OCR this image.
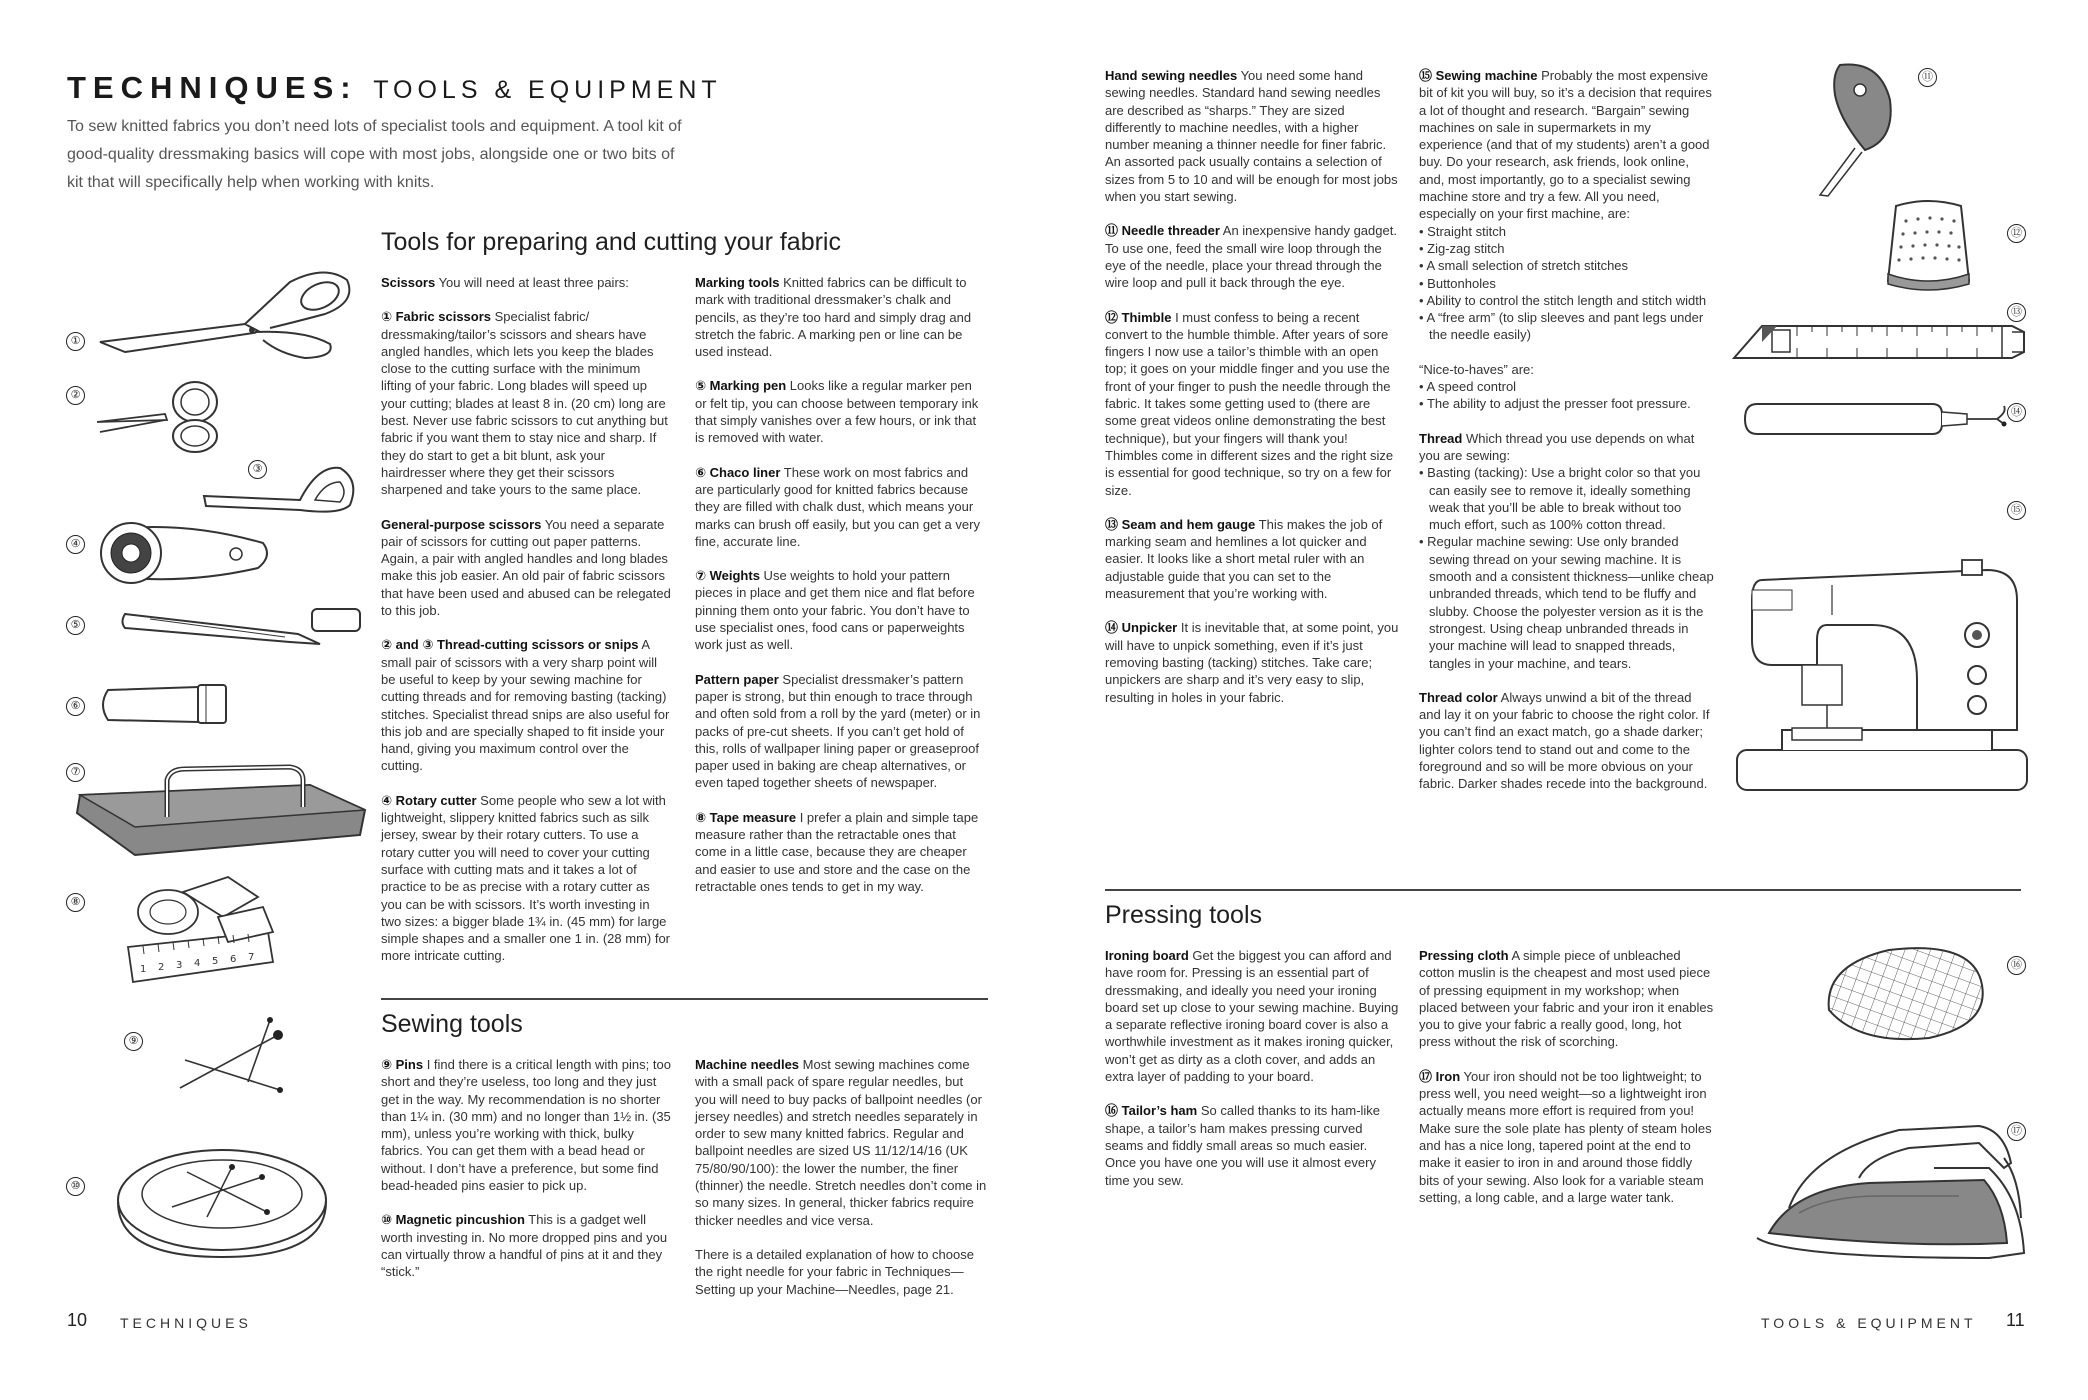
TECHNIQUES: TOOLS & EQUIPMENT

To sew knitted fabrics you don’t need lots of specialist tools and equipment. A tool kit of good-quality dressmaking basics will cope with most jobs, alongside one or two bits of kit that will specifically help when working with knits.

Tools for preparing and cutting your fabric

Scissors You will need at least three pairs:

① Fabric scissors Specialist fabric/ dressmaking/tailor’s scissors and shears have angled handles, which lets you keep the blades close to the cutting surface with the minimum lifting of your fabric. Long blades will speed up your cutting; blades at least 8 in. (20 cm) long are best. Never use fabric scissors to cut anything but fabric if you want them to stay nice and sharp. If they do start to get a bit blunt, ask your hairdresser where they get their scissors sharpened and take yours to the same place.

General-purpose scissors You need a separate pair of scissors for cutting out paper patterns. Again, a pair with angled handles and long blades make this job easier. An old pair of fabric scissors that have been used and abused can be relegated to this job.

② and ③ Thread-cutting scissors or snips A small pair of scissors with a very sharp point will be useful to keep by your sewing machine for cutting threads and for removing basting (tacking) stitches. Specialist thread snips are also useful for this job and are specially shaped to fit inside your hand, giving you maximum control over the cutting.

④ Rotary cutter Some people who sew a lot with lightweight, slippery knitted fabrics such as silk jersey, swear by their rotary cutters. To use a rotary cutter you will need to cover your cutting surface with cutting mats and it takes a lot of practice to be as precise with a rotary cutter as you can be with scissors. It’s worth investing in two sizes: a bigger blade 1¾ in. (45 mm) for large simple shapes and a smaller one 1 in. (28 mm) for more intricate cutting.

Marking tools Knitted fabrics can be difficult to mark with traditional dressmaker’s chalk and pencils, as they’re too hard and simply drag and stretch the fabric. A marking pen or line can be used instead.

⑤ Marking pen Looks like a regular marker pen or felt tip, you can choose between temporary ink that simply vanishes over a few hours, or ink that is removed with water.

⑥ Chaco liner These work on most fabrics and are particularly good for knitted fabrics because they are filled with chalk dust, which means your marks can brush off easily, but you can get a very fine, accurate line.

⑦ Weights Use weights to hold your pattern pieces in place and get them nice and flat before pinning them onto your fabric. You don’t have to use specialist ones, food cans or paperweights work just as well.

Pattern paper Specialist dressmaker’s pattern paper is strong, but thin enough to trace through and often sold from a roll by the yard (meter) or in packs of pre-cut sheets. If you can’t get hold of this, rolls of wallpaper lining paper or greaseproof paper used in baking are cheap alternatives, or even taped together sheets of newspaper.

⑧ Tape measure I prefer a plain and simple tape measure rather than the retractable ones that come in a little case, because they are cheaper and easier to use and store and the case on the retractable ones tends to get in my way.

Sewing tools

⑨ Pins I find there is a critical length with pins; too short and they’re useless, too long and they just get in the way. My recommendation is no shorter than 1¼ in. (30 mm) and no longer than 1½ in. (35 mm), unless you’re working with thick, bulky fabrics. You can get them with a bead head or without. I don’t have a preference, but some find bead-headed pins easier to pick up.

⑩ Magnetic pincushion This is a gadget well worth investing in. No more dropped pins and you can virtually throw a handful of pins at it and they “stick.”

Machine needles Most sewing machines come with a small pack of spare regular needles, but you will need to buy packs of ballpoint needles (or jersey needles) and stretch needles separately in order to sew many knitted fabrics. Regular and ballpoint needles are sized US 11/12/14/16 (UK 75/80/90/100): the lower the number, the finer (thinner) the needle. Stretch needles don’t come in so many sizes. In general, thicker fabrics require thicker needles and vice versa.

There is a detailed explanation of how to choose the right needle for your fabric in Techniques—Setting up your Machine—Needles, page 21.

①
②
③
④
⑤
⑥
⑦
⑧
⑨
⑩
1 2 3 4 5 6 7
10 TECHNIQUES

Hand sewing needles You need some hand sewing needles. Standard hand sewing needles are described as “sharps.” They are sized differently to machine needles, with a higher number meaning a thinner needle for finer fabric. An assorted pack usually contains a selection of sizes from 5 to 10 and will be enough for most jobs when you start sewing.

⑪ Needle threader An inexpensive handy gadget. To use one, feed the small wire loop through the eye of the needle, place your thread through the wire loop and pull it back through the eye.

⑫ Thimble I must confess to being a recent convert to the humble thimble. After years of sore fingers I now use a tailor’s thimble with an open top; it goes on your middle finger and you use the front of your finger to push the needle through the fabric. It takes some getting used to (there are some great videos online demonstrating the best technique), but your fingers will thank you! Thimbles come in different sizes and the right size is essential for good technique, so try on a few for size.

⑬ Seam and hem gauge This makes the job of marking seam and hemlines a lot quicker and easier. It looks like a short metal ruler with an adjustable guide that you can set to the measurement that you’re working with.

⑭ Unpicker It is inevitable that, at some point, you will have to unpick something, even if it’s just removing basting (tacking) stitches. Take care; unpickers are sharp and it’s very easy to slip, resulting in holes in your fabric.

⑮ Sewing machine Probably the most expensive bit of kit you will buy, so it’s a decision that requires a lot of thought and research. “Bargain” sewing machines on sale in supermarkets in my experience (and that of my students) aren’t a good buy. Do your research, ask friends, look online, and, most importantly, go to a specialist sewing machine store and try a few. All you need, especially on your first machine, are:

• Straight stitch
• Zig-zag stitch
• A small selection of stretch stitches
• Buttonholes
• Ability to control the stitch length and stitch width
• A “free arm” (to slip sleeves and pant legs under the needle easily)

“Nice-to-haves” are:

• A speed control
• The ability to adjust the presser foot pressure.

Thread Which thread you use depends on what you are sewing:

• Basting (tacking): Use a bright color so that you can easily see to remove it, ideally something weak that you’ll be able to break without too much effort, such as 100% cotton thread.
• Regular machine sewing: Use only branded sewing thread on your sewing machine. It is smooth and a consistent thickness—unlike cheap unbranded threads, which tend to be fluffy and slubby. Choose the polyester version as it is the strongest. Using cheap unbranded threads in your machine will lead to snapped threads, tangles in your machine, and tears.

Thread color Always unwind a bit of the thread and lay it on your fabric to choose the right color. If you can’t find an exact match, go a shade darker; lighter colors tend to stand out and come to the foreground and so will be more obvious on your fabric. Darker shades recede into the background.

Pressing tools

Ironing board Get the biggest you can afford and have room for. Pressing is an essential part of dressmaking, and ideally you need your ironing board set up close to your sewing machine. Buying a separate reflective ironing board cover is also a worthwhile investment as it makes ironing quicker, won’t get as dirty as a cloth cover, and adds an extra layer of padding to your board.

⑯ Tailor’s ham So called thanks to its ham-like shape, a tailor’s ham makes pressing curved seams and fiddly small areas so much easier. Once you have one you will use it almost every time you sew.

Pressing cloth A simple piece of unbleached cotton muslin is the cheapest and most used piece of pressing equipment in my workshop; when placed between your fabric and your iron it enables you to give your fabric a really good, long, hot press without the risk of scorching.

⑰ Iron Your iron should not be too lightweight; to press well, you need weight—so a lightweight iron actually means more effort is required from you! Make sure the sole plate has plenty of steam holes and has a nice long, tapered point at the end to make it easier to iron in and around those fiddly bits of your sewing. Also look for a variable steam setting, a long cable, and a large water tank.

⑪
⑫
⑬
⑭
⑮
⑯
⑰
TOOLS & EQUIPMENT 11
